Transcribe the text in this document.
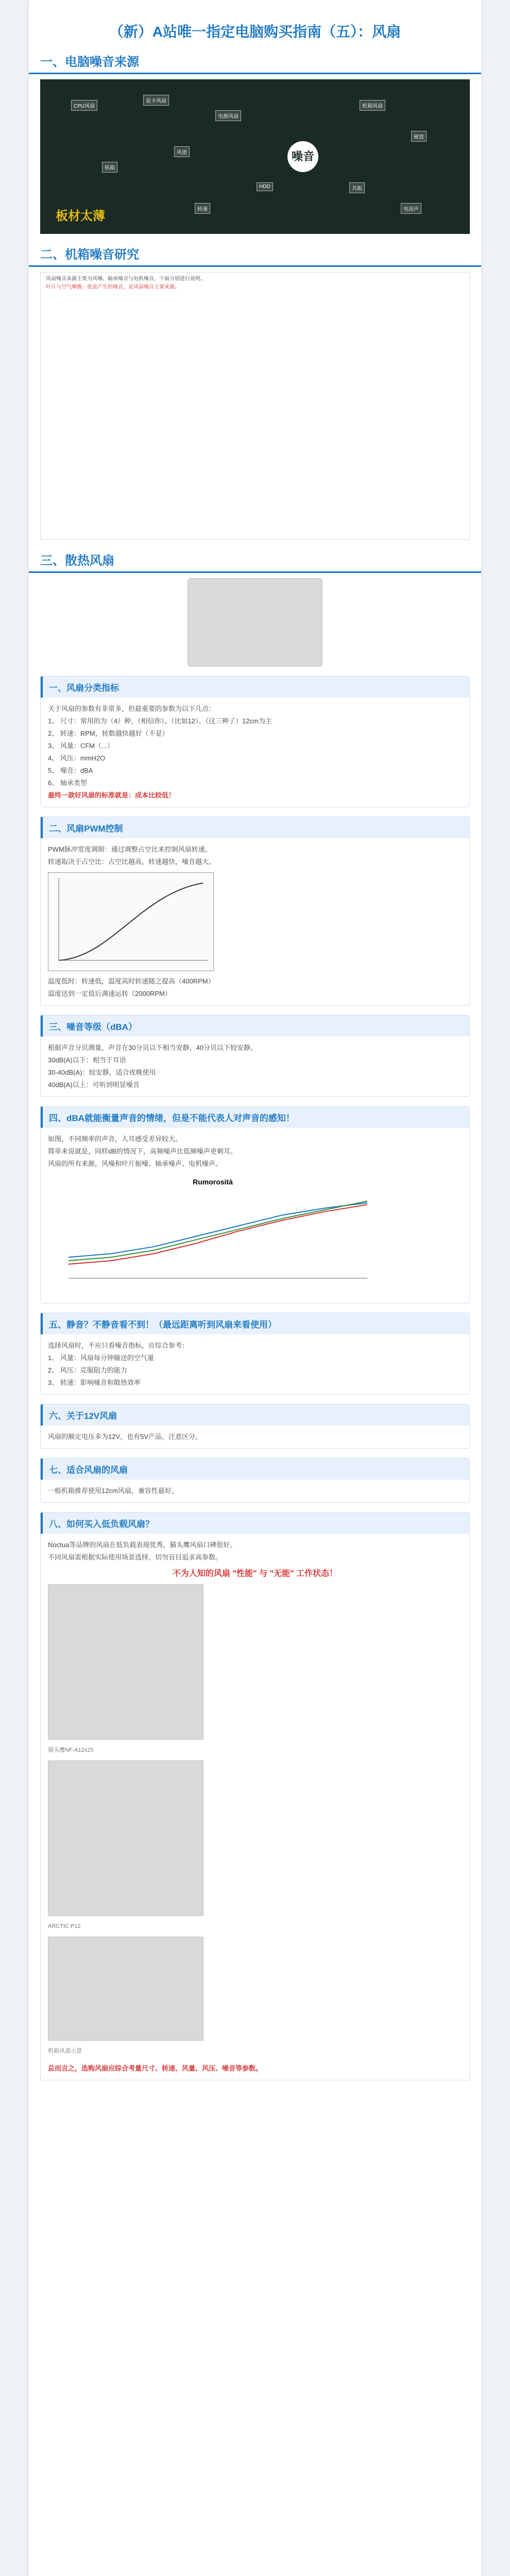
（新）A站唯一指定电脑购买指南（五）：风扇
一、电脑噪音来源
噪音
CPU风扇
显卡风扇
电源风扇
机箱风扇
硬盘
HDD	共振
电流声
机箱
风道
转速
板材太薄
二、机箱噪音研究

风扇噪音来源主要为风噪、轴承噪音与电机噪音，下面分别进行说明。

叶片与空气摩擦、扰流产生的噪音，是风扇噪音主要来源。

三、散热风扇
一、风扇分类指标
关于风扇的参数有非常多，但最重要的参数为以下几点：
1、 尺寸：常用的为（4）种，（相信你）、（比如12）、（这三种了）12cm为主
2、 转速：RPM，转数越快越好（不是）
3、 风量：CFM（...）
4、 风压：mmH2O
5、 噪音：dBA
6、 轴承类型
最终一款好风扇的标准就是：成本比较低！
二、风扇PWM控制
PWM脉冲宽度调制：通过调整占空比来控制风扇转速。
转速取决于占空比：占空比越高，转速越快，噪音越大。
温度低时：转速低，温度高时转速随之提高（400RPM）
温度达到一定值后满速运转（2000RPM）
三、噪音等级（dBA）
根据声音分贝测量，声音在30分贝以下相当安静，40分贝以下较安静。
30dB(A)以下：相当于耳语
30-40dB(A)：较安静，适合夜晚使用
40dB(A)以上：可听到明显噪音
四、dBA就能衡量声音的情绪，但是不能代表人对声音的感知！
如图，不同频率的声音，人耳感受差异较大。
简单来说就是，同样dB的情况下，高频噪声比低频噪声更刺耳。
风扇的所有来源，风噪和叶片振噪、轴承噪声、电机噪声。
Rumorosità
五、静音？不静音看不到！（最远距离听到风扇来看使用）
选择风扇时，不应只看噪音指标，应综合参考：
1、 风量：风扇每分钟输送的空气量
2、 风压：克服阻力的能力
3、 转速：影响噪音和散热效率
六、关于12V风扇
风扇的额定电压多为12V，也有5V产品，注意区分。
七、适合风扇的风扇
一般机箱推荐使用12cm风扇，兼容性最好。
八、如何买入低负载风扇？
Noctua等品牌的风扇在低负载表现优秀，猫头鹰风扇口碑很好。
不同风扇需根据实际使用场景选择，切勿盲目追求高参数。
不为人知的风扇 "性能" 与 "无能" 工作状态！
猫头鹰NF-A12x25
ARCTIC P12
机箱风道示意
总而言之，选购风扇应综合考量尺寸、转速、风量、风压、噪音等参数。
